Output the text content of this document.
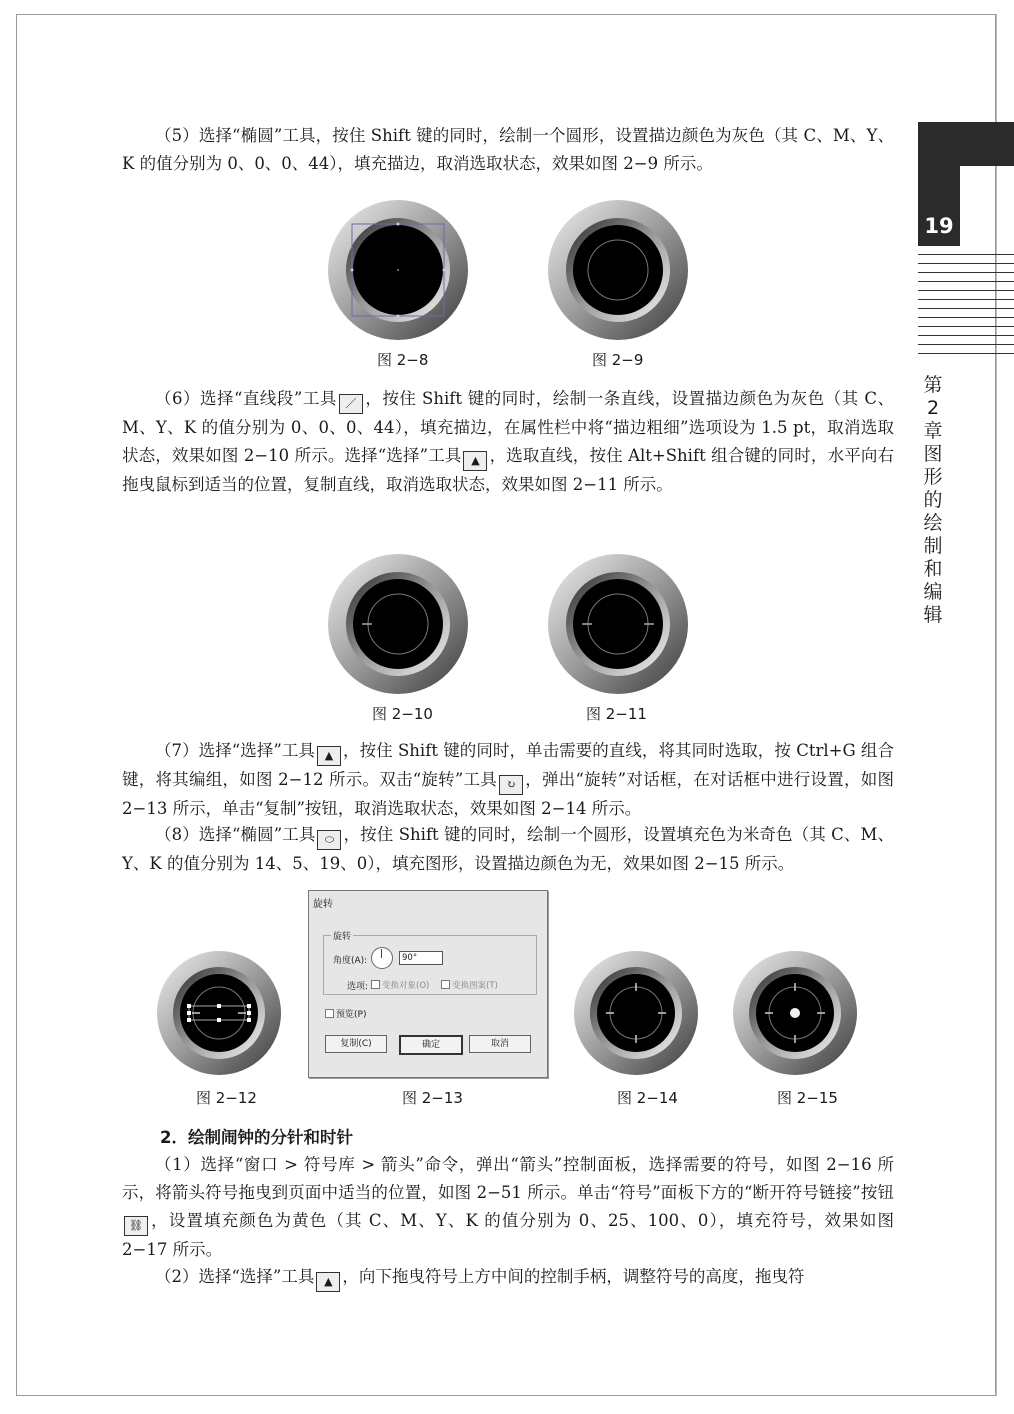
19
第2章 图形的绘制和编辑

（5）选择“椭圆”工具，按住 Shift 键的同时，绘制一个圆形，设置描边颜色为灰色（其 C、M、Y、K 的值分别为 0、0、0、44），填充描边，取消选取状态，效果如图 2−9 所示。

图 2−8	图 2−9

（6）选择“直线段”工具 ／ ，按住 Shift 键的同时，绘制一条直线，设置描边颜色为灰色（其 C、M、Y、K 的值分别为 0、0、0、44），填充描边，在属性栏中将“描边粗细”选项设为 1.5 pt，取消选取状态，效果如图 2−10 所示。选择“选择”工具 ▲ ，选取直线，按住 Alt+Shift 组合键的同时，水平向右拖曳鼠标到适当的位置，复制直线，取消选取状态，效果如图 2−11 所示。

图 2−10	图 2−11

（7）选择“选择”工具 ▲ ，按住 Shift 键的同时，单击需要的直线，将其同时选取，按 Ctrl+G 组合键，将其编组，如图 2−12 所示。双击“旋转”工具 ↻ ，弹出“旋转”对话框，在对话框中进行设置，如图 2−13 所示，单击“复制”按钮，取消选取状态，效果如图 2−14 所示。

（8）选择“椭圆”工具 ⬭ ，按住 Shift 键的同时，绘制一个圆形，设置填充色为米奇色（其 C、M、Y、K 的值分别为 14、5、19、0），填充图形，设置描边颜色为无，效果如图 2−15 所示。

图 2−12
旋转
旋转
角度(A):	90°
选项:	变换对象(O)	变换图案(T)
预览(P)
复制(C)	确定	取消
图 2−13	图 2−14	图 2−15
2．绘制闹钟的分针和时针

（1）选择“窗口 > 符号库 > 箭头”命令，弹出“箭头”控制面板，选择需要的符号，如图 2−16 所示，将箭头符号拖曳到页面中适当的位置，如图 2−51 所示。单击“符号”面板下方的“断开符号链接”按钮⛓ ，设置填充颜色为黄色（其 C、M、Y、K 的值分别为 0、25、100、0），填充符号，效果如图 2−17 所示。

（2）选择“选择”工具 ▲ ，向下拖曳符号上方中间的控制手柄，调整符号的高度，拖曳符
